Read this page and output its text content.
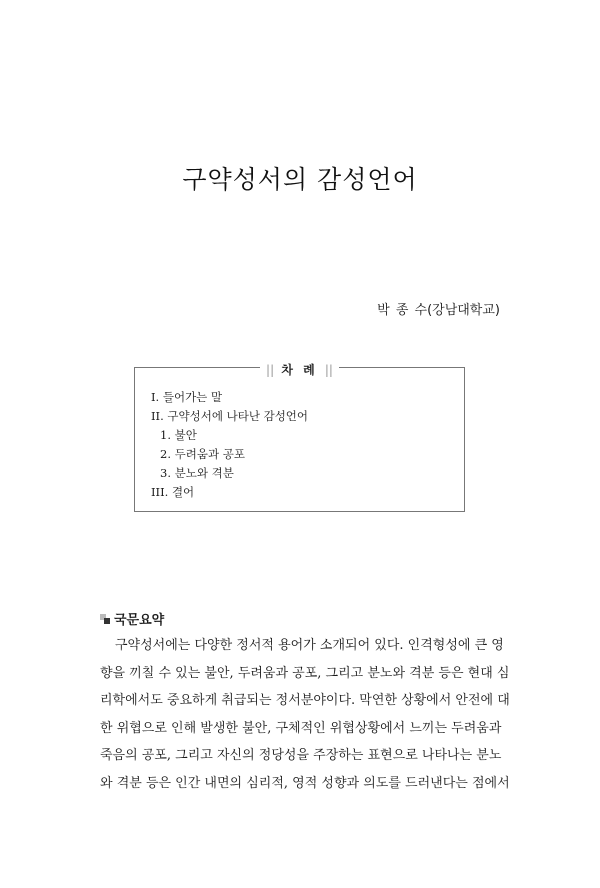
구약성서의 감성언어
박 종 수(강남대학교)
|| 차 례 ||
I. 들어가는 말
II. 구약성서에 나타난 감성언어
1. 불안
2. 두려움과 공포
3. 분노와 격분
III. 결어
국문요약
구약성서에는 다양한 정서적 용어가 소개되어 있다. 인격형성에 큰 영
향을 끼칠 수 있는 불안, 두려움과 공포, 그리고 분노와 격분 등은 현대 심
리학에서도 중요하게 취급되는 정서분야이다. 막연한 상황에서 안전에 대
한 위협으로 인해 발생한 불안, 구체적인 위협상황에서 느끼는 두려움과
죽음의 공포, 그리고 자신의 정당성을 주장하는 표현으로 나타나는 분노
와 격분 등은 인간 내면의 심리적, 영적 성향과 의도를 드러낸다는 점에서
